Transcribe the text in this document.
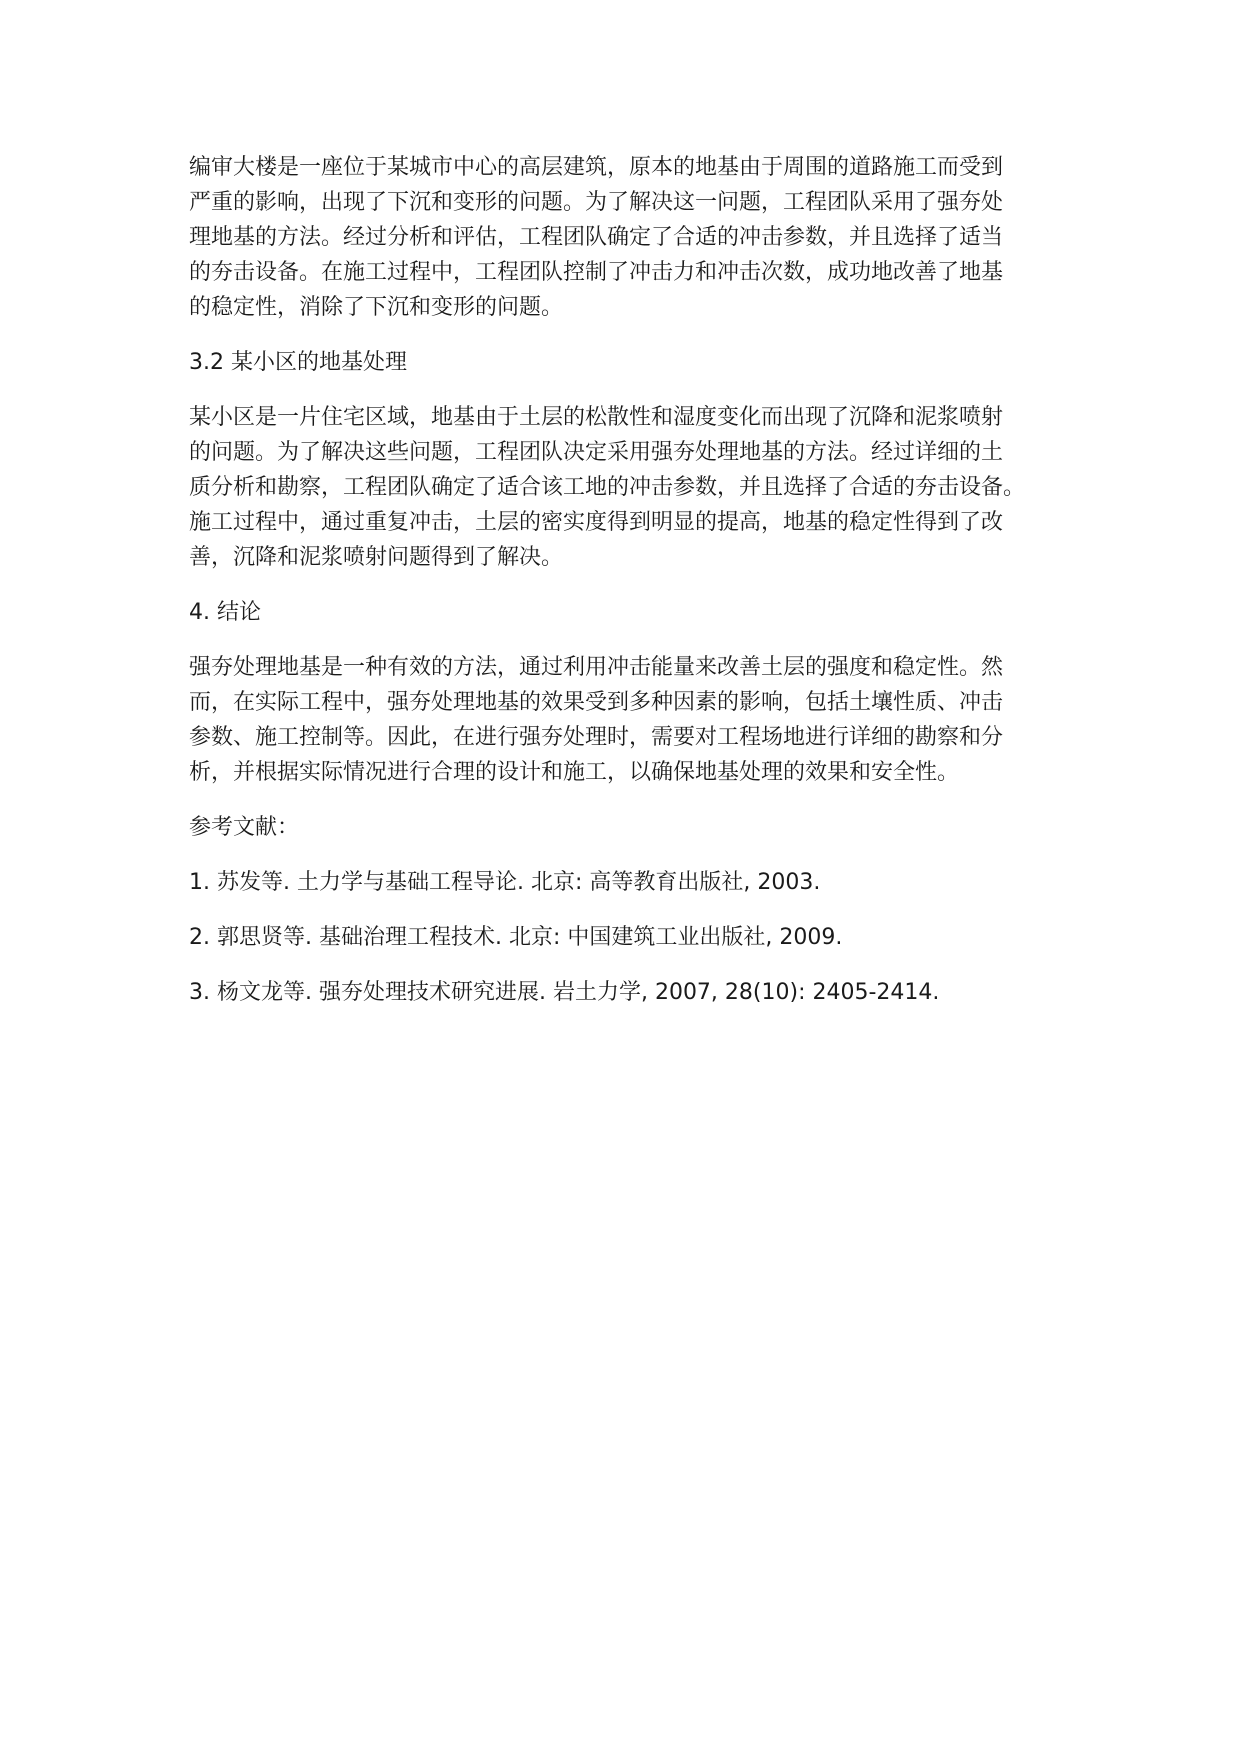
编审大楼是一座位于某城市中心的高层建筑，原本的地基由于周围的道路施工而受到
严重的影响，出现了下沉和变形的问题。为了解决这一问题，工程团队采用了强夯处
理地基的方法。经过分析和评估，工程团队确定了合适的冲击参数，并且选择了适当
的夯击设备。在施工过程中，工程团队控制了冲击力和冲击次数，成功地改善了地基
的稳定性，消除了下沉和变形的问题。
3.2 某小区的地基处理
某小区是一片住宅区域，地基由于土层的松散性和湿度变化而出现了沉降和泥浆喷射
的问题。为了解决这些问题，工程团队决定采用强夯处理地基的方法。经过详细的土
质分析和勘察，工程团队确定了适合该工地的冲击参数，并且选择了合适的夯击设备。
施工过程中，通过重复冲击，土层的密实度得到明显的提高，地基的稳定性得到了改
善，沉降和泥浆喷射问题得到了解决。
4. 结论
强夯处理地基是一种有效的方法，通过利用冲击能量来改善土层的强度和稳定性。然
而，在实际工程中，强夯处理地基的效果受到多种因素的影响，包括土壤性质、冲击
参数、施工控制等。因此，在进行强夯处理时，需要对工程场地进行详细的勘察和分
析，并根据实际情况进行合理的设计和施工，以确保地基处理的效果和安全性。
参考文献：
1. 苏发等. 土力学与基础工程导论. 北京: 高等教育出版社, 2003.
2. 郭思贤等. 基础治理工程技术. 北京: 中国建筑工业出版社, 2009.
3. 杨文龙等. 强夯处理技术研究进展. 岩土力学, 2007, 28(10): 2405-2414.
